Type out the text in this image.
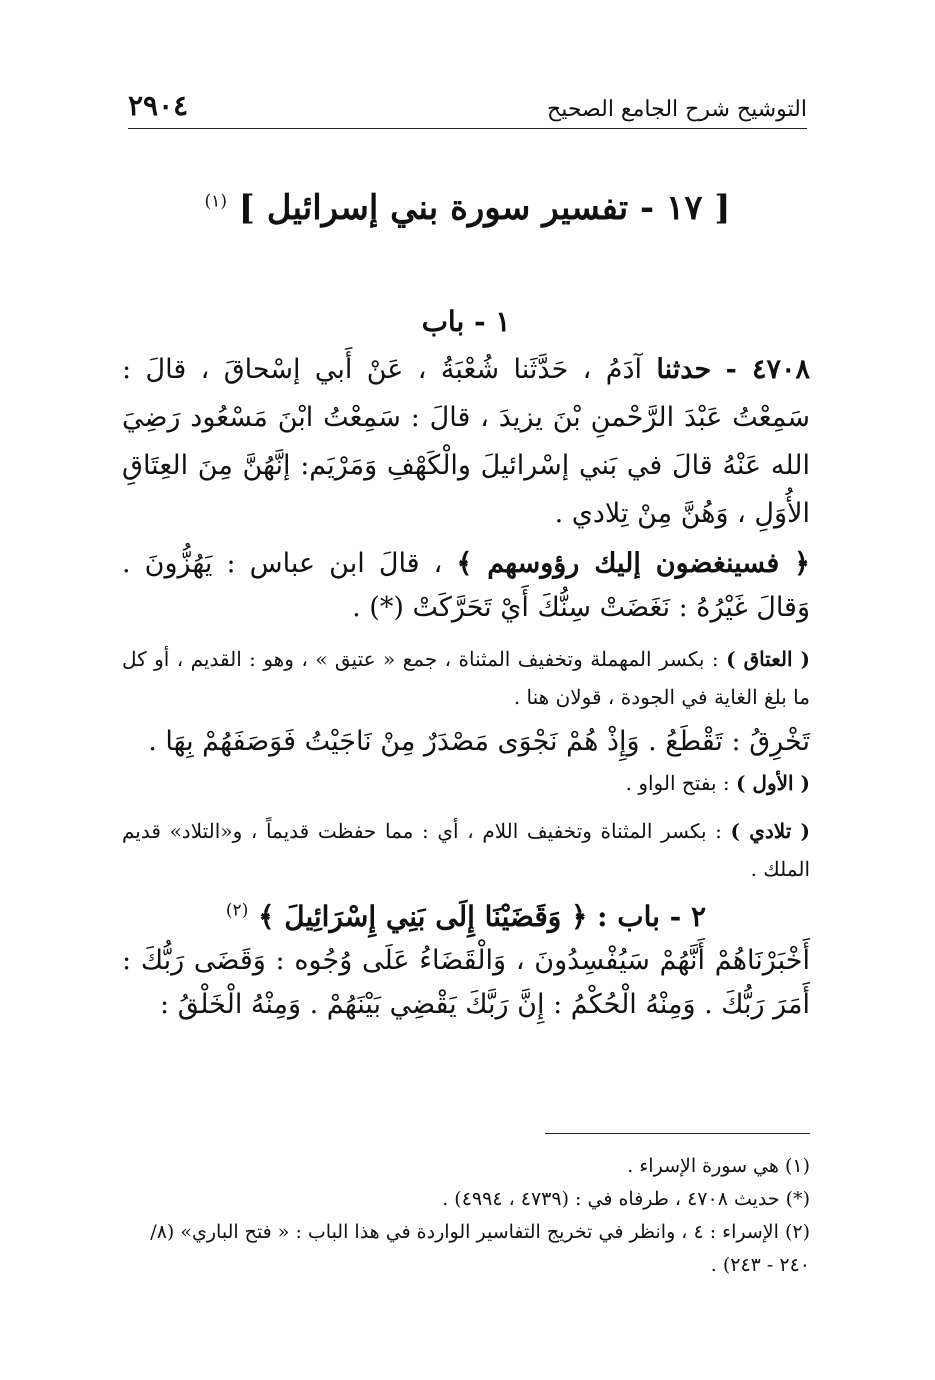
التوشيح شرح الجامع الصحيح
٢٩٠٤
[ ١٧ - تفسير سورة بني إسرائيل ] $^{(١)}$
١ - باب

٤٧٠٨ - حدثنا آدَمُ ، حَدَّثَنا شُعْبَةُ ، عَنْ أَبي إسْحاقَ ، قالَ : سَمِعْتُ عَبْدَ الرَّحْمنِ بْنَ يزيدَ ، قالَ : سَمِعْتُ ابْنَ مَسْعُود رَضِيَ الله عَنْهُ قالَ في بَني إسْرائيلَ والْكَهْفِ وَمَرْيَم: إنَّهُنَّ مِنَ العِتَاقِ الأُوَلِ ، وَهُنَّ مِنْ تِلادي .

﴿ فسينغضون إليك رؤوسهم ﴾ ، قالَ ابن عباس : يَهُزُّونَ . وَقالَ غَيْرُهُ : نَغَضَتْ سِنُّكَ أَيْ تَحَرَّكَتْ (*) .

( العتاق ) : بكسر المهملة وتخفيف المثناة ، جمع « عتيق » ، وهو : القديم ، أو كل ما بلغ الغاية في الجودة ، قولان هنا .

تَخْرِقُ : تَقْطَعُ . وَإِذْ هُمْ نَجْوَى مَصْدَرٌ مِنْ نَاجَيْتُ فَوَصَفَهُمْ بِهَا .

( الأول ) : بفتح الواو .

( تلادي ) : بكسر المثناة وتخفيف اللام ، أي : مما حفظت قديماً ، و«التلاد» قديم الملك .

٢ - باب : ﴿ وَقَضَيْنَا إِلَى بَنِي إِسْرَائِيلَ ﴾ $^{(٢)}$

أَخْبَرْنَاهُمْ أَنَّهُمْ سَيُفْسِدُونَ ، وَالْقَضَاءُ عَلَى وُجُوه : وَقَضَى رَبُّكَ : أَمَرَ رَبُّكَ . وَمِنْهُ الْحُكْمُ : إِنَّ رَبَّكَ يَقْضِي بَيْنَهُمْ . وَمِنْهُ الْخَلْقُ :

(١) هي سورة الإسراء .

(*) حديث ٤٧٠٨ ، طرفاه في : (٤٧٣٩ ، ٤٩٩٤) .

(٢) الإسراء : ٤ ، وانظر في تخريج التفاسير الواردة في هذا الباب : « فتح الباري» (٨/ ٢٤٠ - ٢٤٣) .
